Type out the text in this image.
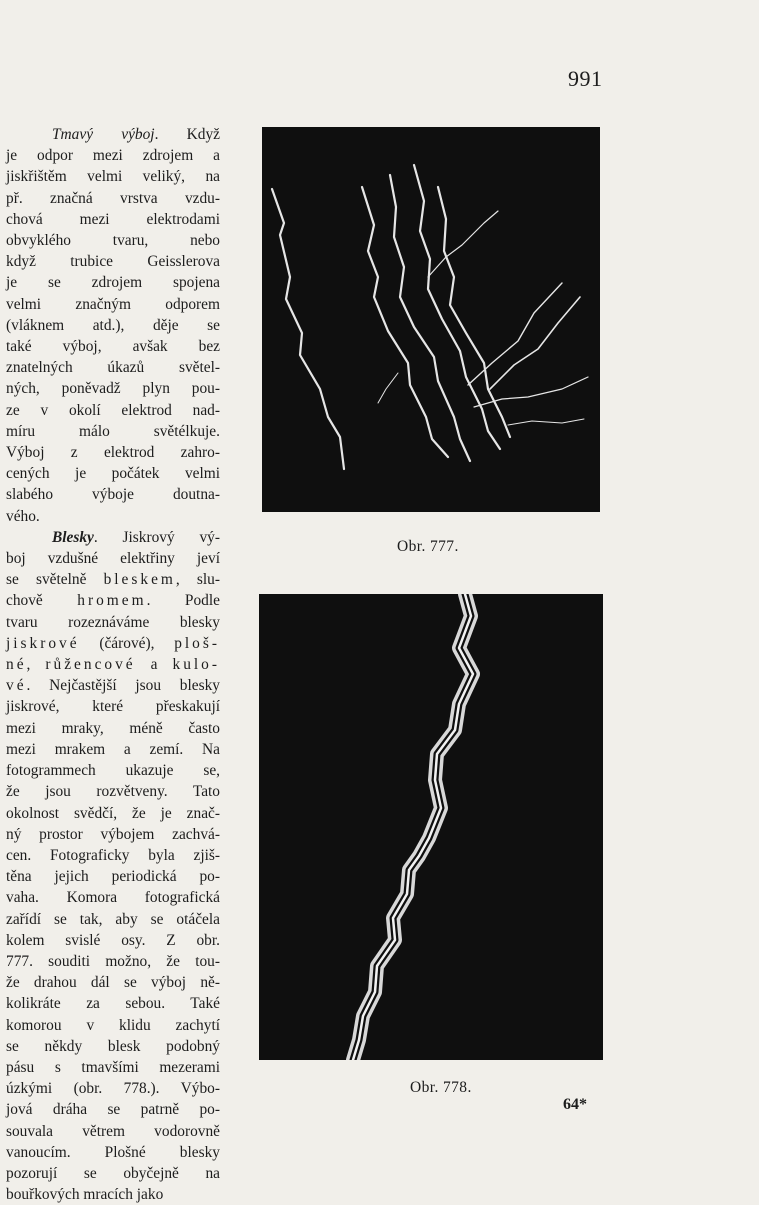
991
Tmavý výboj. Když
je odpor mezi zdrojem a
jiskřištěm velmi veliký, na
př. značná vrstva vzdu-
chová mezi elektrodami
obvyklého tvaru, nebo
když trubice Geisslerova
je se zdrojem spojena
velmi značným odporem
(vláknem atd.), děje se
také výboj, avšak bez
znatelných úkazů světel-
ných, poněvadž plyn pou-
ze v okolí elektrod nad-
míru málo světélkuje.
Výboj z elektrod zahro-
cených je počátek velmi
slabého výboje doutna-
vého.
Blesky. Jiskrový vý-
boj vzdušné elektřiny jeví
se světelně bleskem, slu-
chově hromem. Podle
tvaru rozeznáváme blesky
jiskrové (čárové), ploš-
né, růžencové a kulo-
vé. Nejčastější jsou blesky
jiskrové, které přeskakují
mezi mraky, méně často
mezi mrakem a zemí. Na
fotogrammech ukazuje se,
že jsou rozvětveny. Tato
okolnost svědčí, že je znač-
ný prostor výbojem zachvá-
cen. Fotograficky byla zjiš-
těna jejich periodická po-
vaha. Komora fotografická
zařídí se tak, aby se otáčela
kolem svislé osy. Z obr.
777. souditi možno, že tou-
že drahou dál se výboj ně-
kolikráte za sebou. Také
komorou v klidu zachytí
se někdy blesk podobný
pásu s tmavšími mezerami
úzkými (obr. 778.). Výbo-
jová dráha se patrně po-
souvala větrem vodorovně
vanoucím. Plošné blesky
pozorují se obyčejně na
bouřkových mracích jako
Obr. 777.
Obr. 778.
64*
